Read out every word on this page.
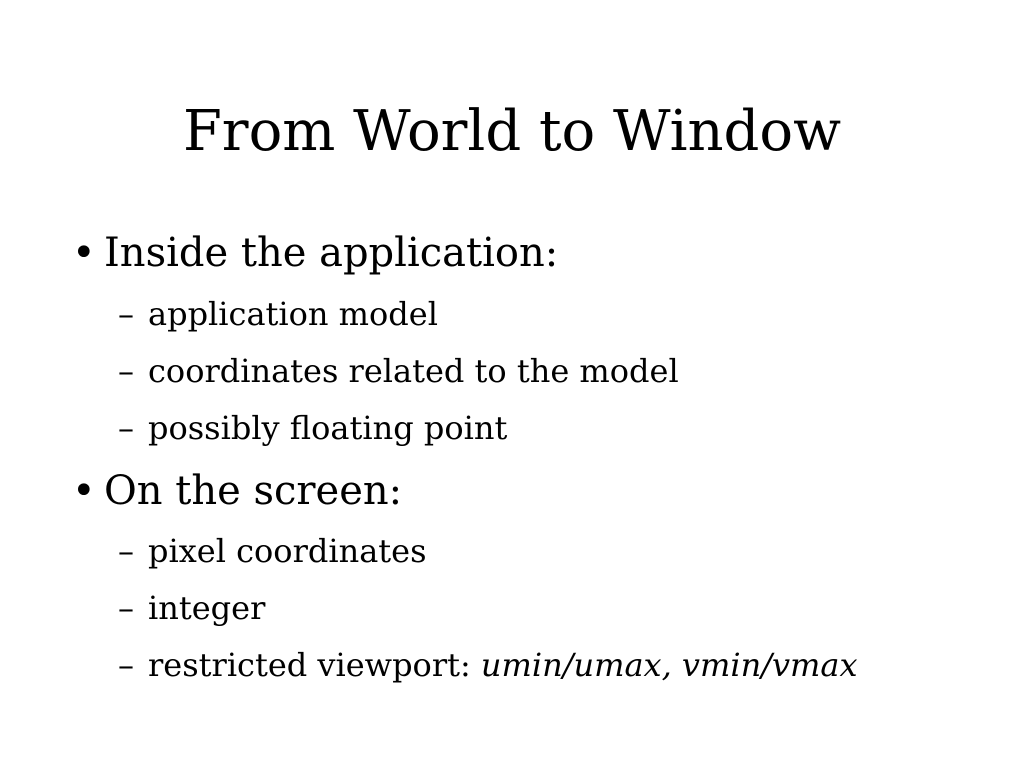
From World to Window
• Inside the application:
– application model
– coordinates related to the model
– possibly floating point
• On the screen:
– pixel coordinates
– integer
– restricted viewport: umin/umax, vmin/vmax
